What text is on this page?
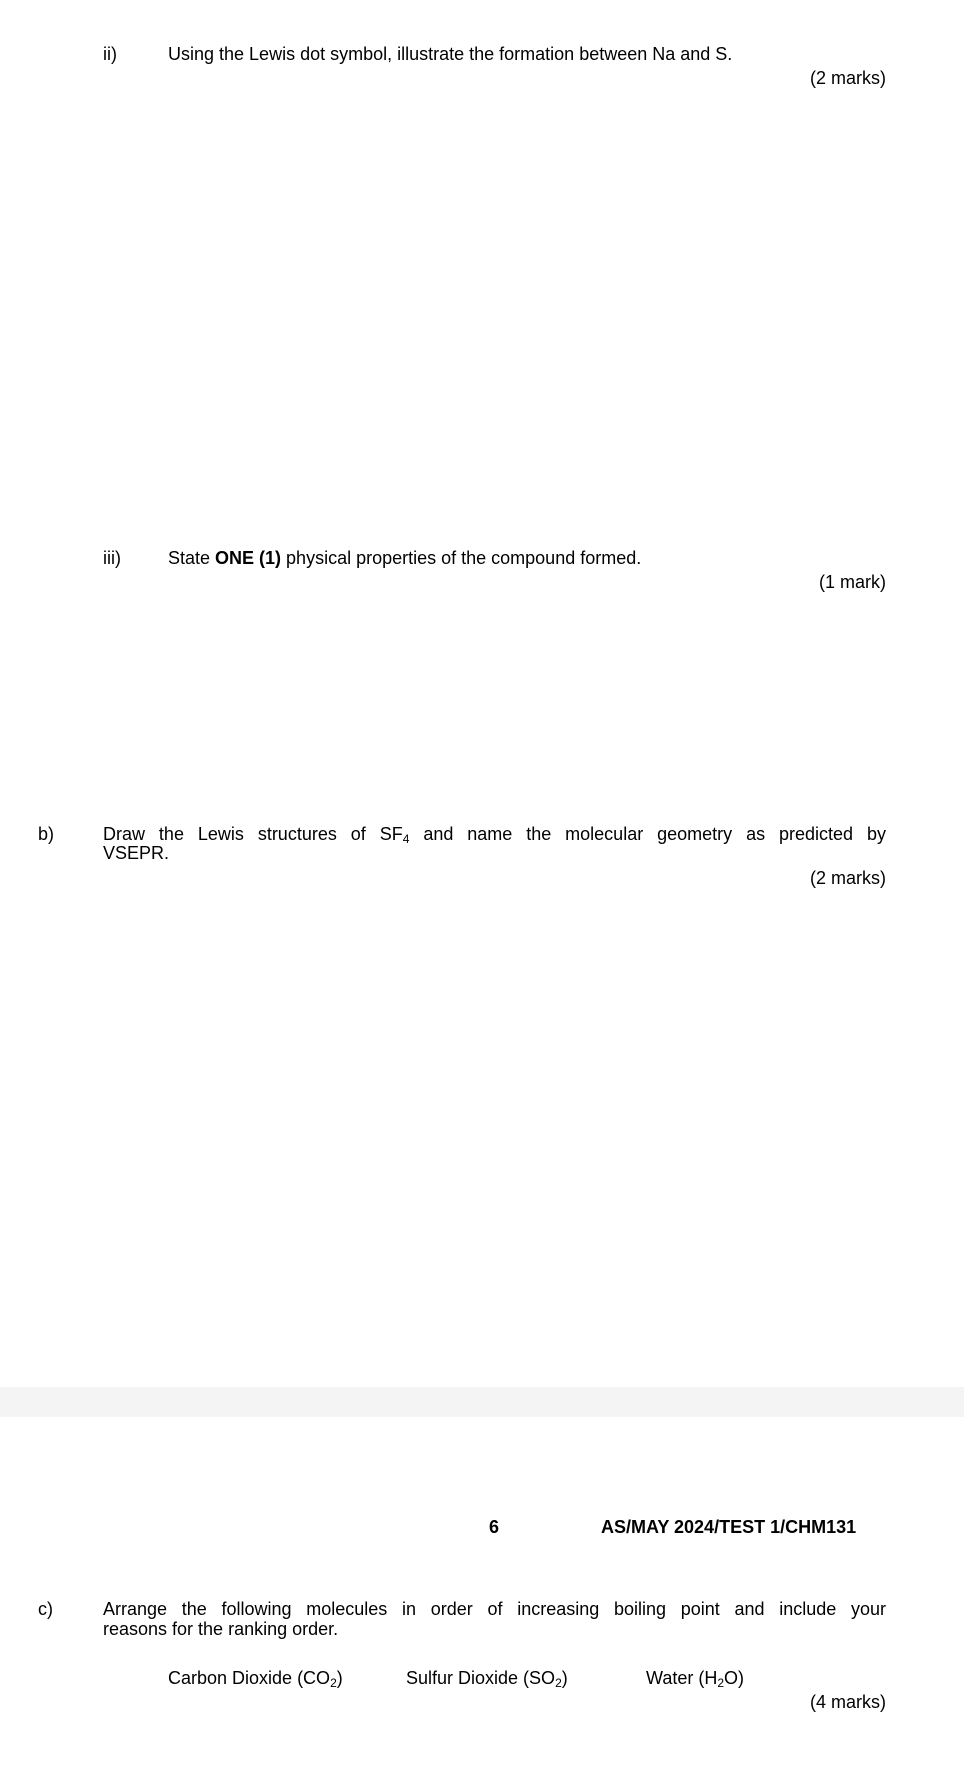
ii)	Using the Lewis dot symbol, illustrate the formation between Na and S.
(2 marks)
iii)	State ONE (1) physical properties of the compound formed.
(1 mark)
b)	Draw the Lewis structures of $SF_4$ and name the molecular geometry as predicted by
VSEPR.
(2 marks)
6	AS/MAY 2024/TEST 1/CHM131
c)	Arrange the following molecules in order of increasing boiling point and include your
reasons for the ranking order.
Carbon Dioxide $(CO_2)$	Sulfur Dioxide $(SO_2)$	Water $(H_2O)$
(4 marks)
